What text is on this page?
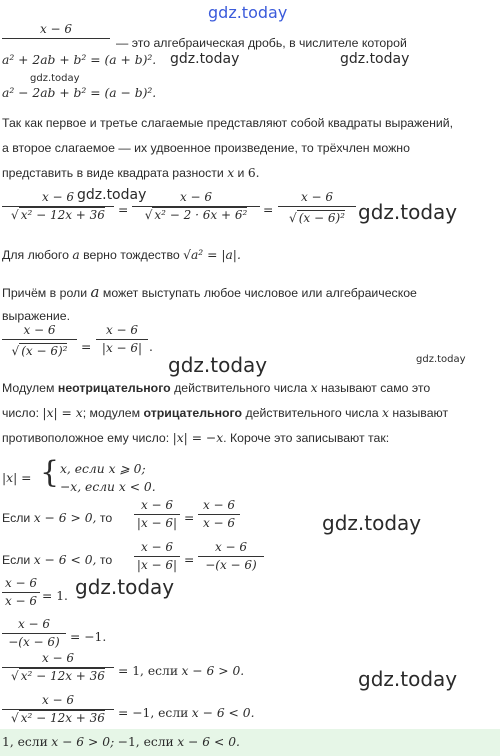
gdz.today
gdz.today
gdz.today	gdz.today
gdz.today
gdz.today
gdz.today	gdz.today
gdz.today
gdz.today
gdz.today
x − 6
— это алгебраическая дробь, в числителе которой
a² + 2ab + b² = (a + b)².
a² − 2ab + b² = (a − b)².
Так как первое и третье слагаемые представляют собой квадраты выражений,
а второе слагаемое — их удвоенное произведение, то трёхчлен можно
представить в виде квадрата разности x и 6.
x − 6
√ x² − 12x + 36	=
x − 6
√ x² − 2 · 6x + 6²	=
x − 6
√ (x − 6)²
Для любого a верно тождество √a² = |a|.
Причём в роли a может выступать любое числовое или алгебраическое
выражение.
x − 6
√ (x − 6)²	=
x − 6
|x − 6| .
Модулем неотрицательного действительного числа x называют само это
число: |x| = x; модулем отрицательного действительного числа x называют
противоположное ему число: |x| = −x. Короче это записывают так:
|x| = { x, если x ⩾ 0;
−x, если x < 0.
Если x − 6 > 0, то
x − 6
|x − 6| =
x − 6
x − 6
Если x − 6 < 0, то
x − 6
|x − 6| =
x − 6
−(x − 6)
x − 6
x − 6 = 1.
x − 6
−(x − 6) = −1.
x − 6
√ x² − 12x + 36	= 1, если x − 6 > 0.
x − 6
√ x² − 12x + 36	= −1, если x − 6 < 0.
1, если x − 6 > 0; −1, если x − 6 < 0.
